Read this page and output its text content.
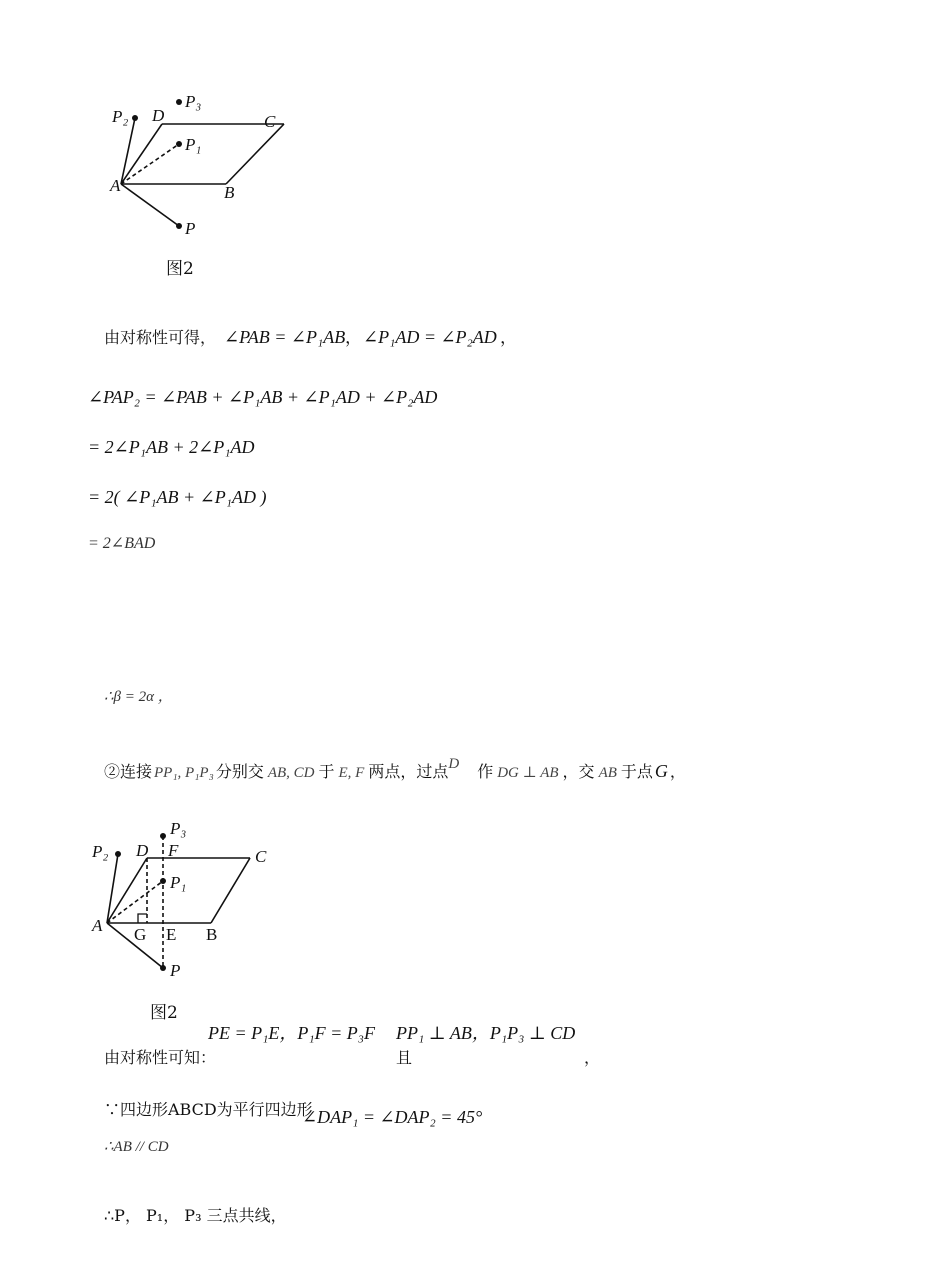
P₂
P₃
D	C
P₁
A	B
P
图2
由对称性可得， ∠PAB = ∠P₁AB ， ∠P₁AD = ∠P₂AD ，
∠PAP₂ = ∠PAB + ∠P₁AB + ∠P₁AD + ∠P₂AD
= 2∠P₁AB + 2∠P₁AD
= 2( ∠P₁AB + ∠P₁AD )
= 2∠BAD
∴β = 2α ，
②连接 PP₁, P₁P₃ 分别交 AB, CD 于 E, F 两点，过点D 作 DG ⊥ AB ，交 AB 于点 G ，
P₃
P₂ D F	C
P₁
A G E B
P
图2
PE = P₁E，P₁F = P₃F PP₁ ⊥ AB，P₁P₃ ⊥ CD
由对称性可知：	且	，
∵四边形ABCD为平行四边形
∠DAP₁ = ∠DAP₂ = 45°
∴AB // CD
∴P， P₁， P₃ 三点共线，
